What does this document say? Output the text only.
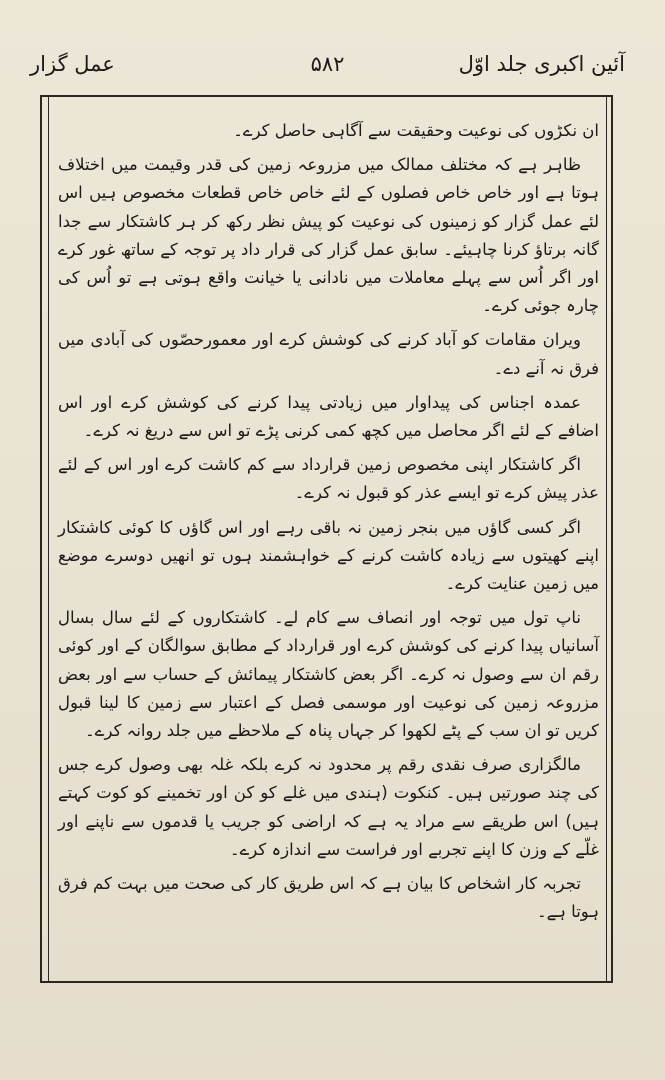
آئین اکبری جلد اوّل
۵۸۲
عمل گزار

ان نکڑوں کی نوعیت وحقیقت سے آگاہی حاصل کرے۔

ظاہر ہے کہ مختلف ممالک میں مزروعہ زمین کی قدر وقیمت میں اختلاف ہوتا ہے اور خاص خاص فصلوں کے لئے خاص خاص قطعات مخصوص ہیں اس لئے عمل گزار کو زمینوں کی نوعیت کو پیش نظر رکھ کر ہر کاشتکار سے جدا گانہ برتاؤ کرنا چاہیئے۔ سابق عمل گزار کی قرار داد پر توجہ کے ساتھ غور کرے اور اگر اُس سے پہلے معاملات میں نادانی یا خیانت واقع ہوتی ہے تو اُس کی چارہ جوئی کرے۔

ویران مقامات کو آباد کرنے کی کوشش کرے اور معمورحصّوں کی آبادی میں فرق نہ آنے دے۔

عمدہ اجناس کی پیداوار میں زیادتی پیدا کرنے کی کوشش کرے اور اس اضافے کے لئے اگر محاصل میں کچھ کمی کرنی پڑے تو اس سے دریغ نہ کرے۔

اگر کاشتکار اپنی مخصوص زمین قرارداد سے کم کاشت کرے اور اس کے لئے عذر پیش کرے تو ایسے عذر کو قبول نہ کرے۔

اگر کسی گاؤں میں بنجر زمین نہ باقی رہے اور اس گاؤں کا کوئی کاشتکار اپنے کھیتوں سے زیادہ کاشت کرنے کے خواہشمند ہوں تو انھیں دوسرے موضع میں زمین عنایت کرے۔

ناپ تول میں توجہ اور انصاف سے کام لے۔ کاشتکاروں کے لئے سال بسال آسانیاں پیدا کرنے کی کوشش کرے اور قرارداد کے مطابق سوالگان کے اور کوئی رقم ان سے وصول نہ کرے۔ اگر بعض کاشتکار پیمائش کے حساب سے اور بعض مزروعہ زمین کی نوعیت اور موسمی فصل کے اعتبار سے زمین کا لینا قبول کریں تو ان سب کے پٹے لکھوا کر جہاں پناہ کے ملاحظے میں جلد روانہ کرے۔

مالگزاری صرف نقدی رقم پر محدود نہ کرے بلکہ غلہ بھی وصول کرے جس کی چند صورتیں ہیں۔ کنکوت (ہندی میں غلے کو کن اور تخمینے کو کوت کہتے ہیں) اس طریقے سے مراد یہ ہے کہ اراضی کو جریب یا قدموں سے ناپنے اور غلّے کے وزن کا اپنے تجربے اور فراست سے اندازہ کرے۔

تجربہ کار اشخاص کا بیان ہے کہ اس طریق کار کی صحت میں بہت کم فرق ہوتا ہے۔
